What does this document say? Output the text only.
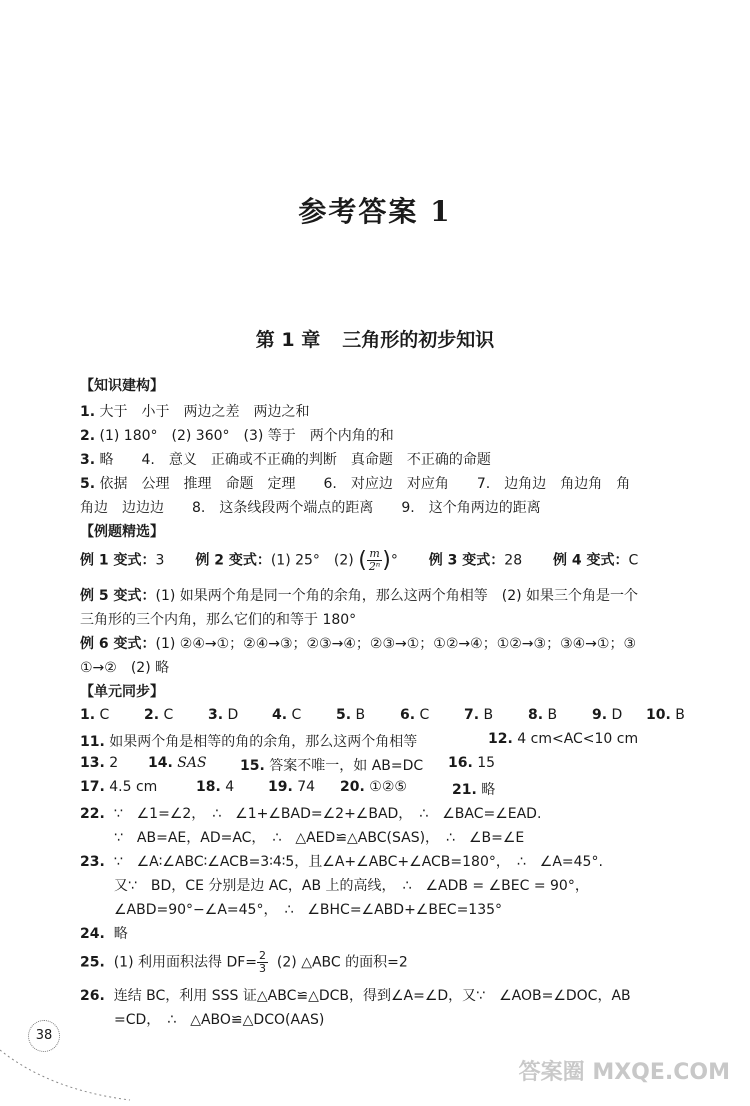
参考答案 1
第 1 章 三角形的初步知识
【知识建构】
1. 大于　小于　两边之差　两边之和
2. (1) 180°　(2) 360°　(3) 等于　两个内角的和
3. 略　　4.　意义　正确或不正确的判断　真命题　不正确的命题
5. 依据　公理　推理　命题　定理　　6.　对应边　对应角　　7.　边角边　角边角　角
角边　边边边　　8.　这条线段两个端点的距离　　9.　这个角两边的距离
【例题精选】
例 1 变式：3 例 2 变式：(1) 25°　(2) ( $\frac{m}{\text{2ⁿ}}$ )° 例 3 变式：28 例 4 变式：C
例 5 变式：(1) 如果两个角是同一个角的余角，那么这两个角相等　(2) 如果三个角是一个
三角形的三个内角，那么它们的和等于 180°
例 6 变式：(1) ②④→①；②④→③；②③→④；②③→①；①②→④；①②→③；③④→①；③
①→②　(2) 略
【单元同步】
1. C 2. C 3. D 4. C 5. B 6. C 7. B 8. B 9. D 10. B
11. 如果两个角是相等的角的余角，那么这两个角相等	12. 4 cm<AC<10 cm
13. 2 14. SAS 15. 答案不唯一，如 AB=DC 16. 15
17. 4.5 cm	18. 4 19. 74 20. ①②⑤	21. 略
22. ∵　∠1=∠2，　∴　∠1+∠BAD=∠2+∠BAD，　∴　∠BAC=∠EAD.
∵　AB=AE，AD=AC，　∴　△AED≌△ABC(SAS)，　∴　∠B=∠E
23. ∵　∠A∶∠ABC∶∠ACB=3∶4∶5，且∠A+∠ABC+∠ACB=180°，　∴　∠A=45°.
又∵　BD，CE 分别是边 AC，AB 上的高线，　∴　∠ADB = ∠BEC = 90°，
∠ABD=90°−∠A=45°，　∴　∠BHC=∠ABD+∠BEC=135°
24. 略
25. (1) 利用面积法得 $DF= \frac{2}{3} (2)$ △ABC 的面积=2
26. 连结 BC，利用 SSS 证△ABC≌△DCB，得到∠A=∠D，又∵　∠AOB=∠DOC，AB
=CD，　∴　△ABO≌△DCO(AAS)
38
答案圈 MXQE.COM
